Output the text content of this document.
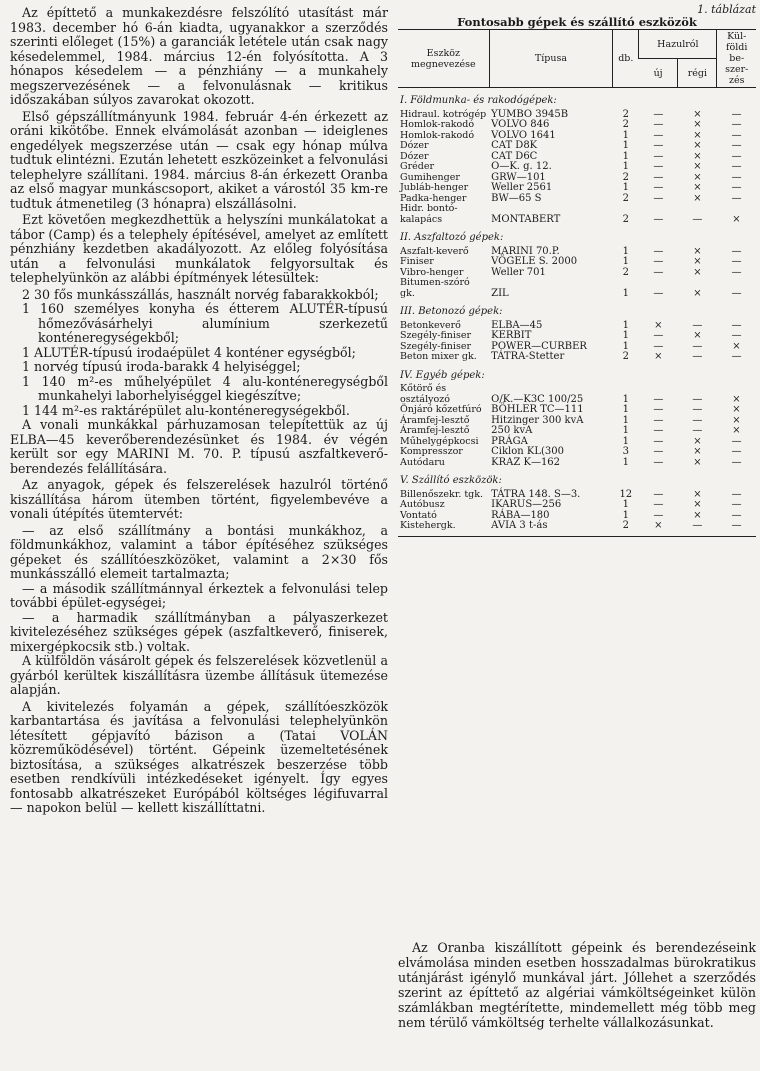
Az építtető a munkakezdésre felszólító utasítást már 1983. december hó 6-án kiadta, ugyanakkor a szerződés szerinti előleget (15%) a garanciák letétele után csak nagy késedelemmel, 1984. március 12-én folyósította. A 3 hónapos késedelem — a pénzhiány — a munkahely megszervezésének — a felvonulásnak — kritikus időszakában súlyos zavarokat okozott.

Első gépszállítmányunk 1984. február 4-én érkezett az oráni kikötőbe. Ennek elvámolását azonban — ideiglenes engedélyek megszerzése után — csak egy hónap múlva tudtuk elintézni. Ezután lehetett eszközeinket a felvonulási telephelyre szállítani. 1984. március 8-án érkezett Oranba az első magyar munkáscsoport, akiket a várostól 35 km-re tudtuk átmenetileg (3 hónapra) elszállásolni.

Ezt követően megkezdhettük a helyszíni munkálatokat a tábor (Camp) és a telephely építésével, amelyet az említett pénzhiány kezdetben akadályozott. Az előleg folyósítása után a felvonulási munkálatok felgyorsultak és telephelyünkön az alábbi építmények létesültek:

2 30 fős munkásszállás, használt norvég fabarakkokból;

1 160 személyes konyha és étterem ALUTÉR-típusú hőmezővásárhelyi alumínium szerkezetű konténeregységekből;

1 ALUTÉR-típusú irodaépület 4 konténer egységből;

1 norvég típusú iroda-barakk 4 helyiséggel;

1 140 m²-es műhelyépület 4 alu-konténeregységből munkahelyi laborhelyiséggel kiegészítve;

1 144 m²-es raktárépület alu-konténeregységekből.

A vonali munkákkal párhuzamosan telepítettük az új ELBA—45 keverőberendezésünket és 1984. év végén került sor egy MARINI M. 70. P. típusú aszfaltkeverő-berendezés felállítására.

Az anyagok, gépek és felszerelések hazulról történő kiszállítása három ütemben történt, figyelembevéve a vonali útépítés ütemtervét:

— az első szállítmány a bontási munkákhoz, a földmunkákhoz, valamint a tábor építéséhez szükséges gépeket és szállítóeszközöket, valamint a 2×30 fős munkásszálló elemeit tartalmazta;

— a második szállítmánnyal érkeztek a felvonulási telep további épület-egységei;

— a harmadik szállítmányban a pályaszerkezet kivitelezéséhez szükséges gépek (aszfaltkeverő, finiserek, mixergépkocsik stb.) voltak.

A külföldön vásárolt gépek és felszerelések közvetlenül a gyárból kerültek kiszállításra üzembe állításuk ütemezése alapján.

A kivitelezés folyamán a gépek, szállítóeszközök karbantartása és javítása a felvonulási telephelyünkön létesített gépjavító bázison a (Tatai VOLÁN közreműködésével) történt. Gépeink üzemeltetésének biztosítása, a szükséges alkatrészek beszerzése több esetben rendkívüli intézkedéseket igényelt. Így egyes fontosabb alkatrészeket Európából költséges légifuvarral — napokon belül — kellett kiszállíttatni.

1. táblázat
Fontosabb gépek és szállító eszközök
Eszköz megnevezése	Típusa	db.	Hazulról		Kül-földi be-szer-zés
			új	régi	
I. Földmunka- és rakodógépek:					
Hidraul. kotrógép	YUMBO 3945B	2	—	×	—
Homlok-rakodó	VOLVO 846	2	—	×	—
Homlok-rakodó	VOLVO 1641	1	—	×	—
Dózer	CAT D8K	1	—	×	—
Dózer	CAT D6C	1	—	×	—
Gréder	O—K. g. 12.	1	—	×	—
Gumihenger	GRW—101	2	—	×	—
Jubláb-henger	Weller 2561	1	—	×	—
Padka-henger	BW—65 S	2	—	×	—
Hidr. bontó-kalapács	MONTABERT	2	—	—	×
II. Aszfaltozó gépek:					
Aszfalt-keverő	MARINI 70.P.	1	—	×	—
Finiser	VÖGELE S. 2000	1	—	×	—
Vibro-henger	Weller 701	2	—	×	—
Bitumen-szóró gk.	ZIL	1	—	×	—
III. Betonozó gépek:					
Betonkeverő	ELBA—45	1	×	—	—
Szegély-finiser	KERBIT	1	—	×	—
Szegély-finiser	POWER—CURBER	1	—	—	×
Beton mixer gk.	TÁTRA-Stetter	2	×	—	—
IV. Egyéb gépek:					
Kőtörő és osztályozó	O/K.—K3C 100/25	1	—	—	×
Önjáró kőzetfúró	BÖHLER TC—111	1	—	—	×
Áramfej-lesztő	Hitzinger 300 kvA	1	—	—	×
Áramfej-lesztő	250 kvA	1	—	—	×
Műhelygépkocsi	PRÁGA	1	—	×	—
Kompresszor	Ciklon KL(300	3	—	×	—
Autódaru	KRAZ K—162	1	—	×	—
V. Szállító eszközök:					
Billenőszekr. tgk.	TÁTRA 148. S—3.	12	—	×	—
Autóbusz	IKARUS—256	1	—	×	—
Vontató	RÁBA—180	1	—	×	—
Kistehergk.	AVIA 3 t-ás	2	×	—	—

Az Oranba kiszállított gépeink és berendezéseink elvámolása minden esetben hosszadalmas bürokratikus utánjárást igénylő munkával járt. Jóllehet a szerződés szerint az építtető az algériai vámköltségeinket külön számlákban megtérítette, mindemellett még több meg nem térülő vámköltség terhelte vállalkozásunkat.
